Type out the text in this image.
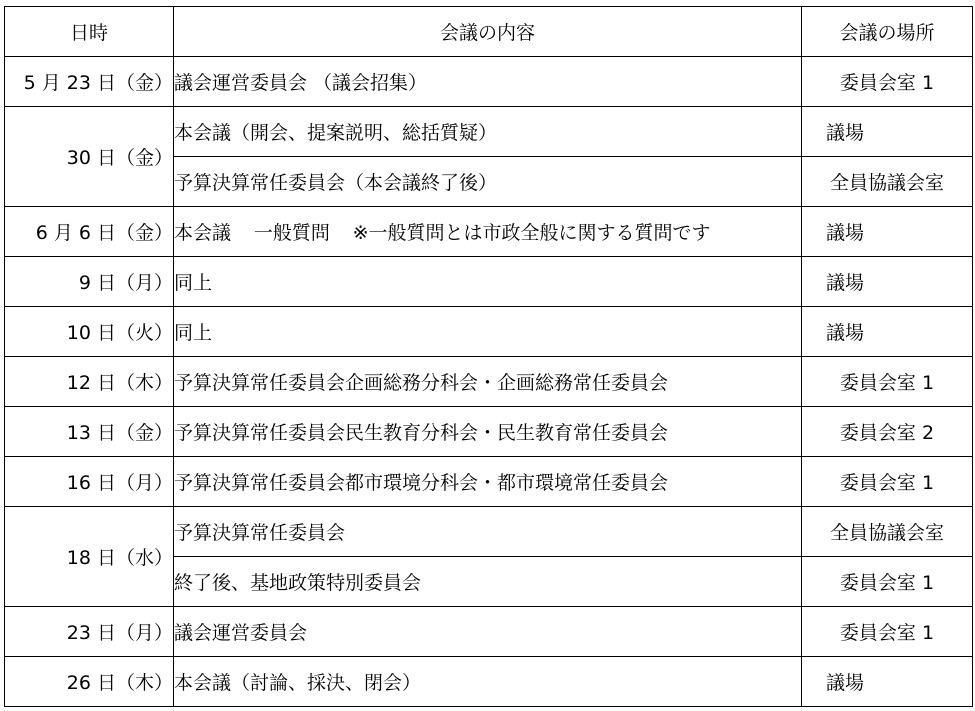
日時	会議の内容	会議の場所
5 月 23 日（金）	議会運営委員会 （議会招集）	委員会室 1
30 日（金）	本会議（開会、提案説明、総括質疑）	議場
	予算決算常任委員会（本会議終了後）	全員協議会室
6 月 6 日（金）	本会議 一般質問 ※一般質問とは市政全般に関する質問です	議場
9 日（月）	同上	議場
10 日（火）	同上	議場
12 日（木）	予算決算常任委員会企画総務分科会・企画総務常任委員会	委員会室 1
13 日（金）	予算決算常任委員会民生教育分科会・民生教育常任委員会	委員会室 2
16 日（月）	予算決算常任委員会都市環境分科会・都市環境常任委員会	委員会室 1
18 日（水）	予算決算常任委員会	全員協議会室
	終了後、基地政策特別委員会	委員会室 1
23 日（月）	議会運営委員会	委員会室 1
26 日（木）	本会議（討論、採決、閉会）	議場
